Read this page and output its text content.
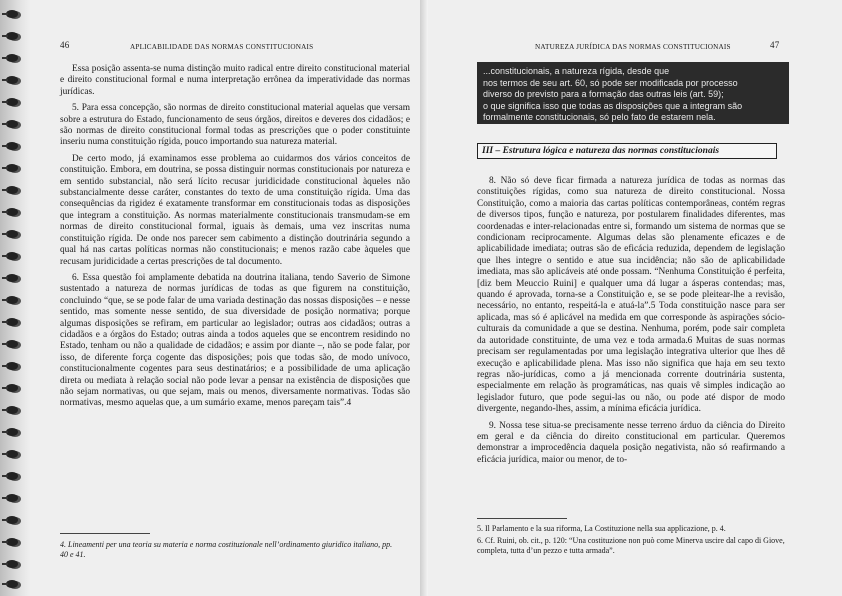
46	APLICABILIDADE DAS NORMAS CONSTITUCIONAIS

Essa posição assenta-se numa distinção muito radical entre direito constitucional material e direito constitucional formal e numa interpretação errônea da imperatividade das normas jurídicas.

5. Para essa concepção, são normas de direito constitucional material aquelas que versam sobre a estrutura do Estado, funcionamento de seus órgãos, direitos e deveres dos cidadãos; e são normas de direito constitucional formal todas as prescrições que o poder constituinte inseriu numa constituição rígida, pouco importando sua natureza material.

De certo modo, já examinamos esse problema ao cuidarmos dos vários conceitos de constituição. Embora, em doutrina, se possa distinguir normas constitucionais por natureza e em sentido substancial, não será lícito recusar juridicidade constitucional àqueles não substancialmente desse caráter, constantes do texto de uma constituição rígida. Uma das consequências da rigidez é exatamente transformar em constitucionais todas as disposições que integram a constituição. As normas materialmente constitucionais transmudam-se em normas de direito constitucional formal, iguais às demais, uma vez inscritas numa constituição rígida. De onde nos parecer sem cabimento a distinção doutrinária segundo a qual há nas cartas políticas normas não constitucionais; e menos razão cabe àqueles que recusam juridicidade a certas prescrições de tal documento.

6. Essa questão foi amplamente debatida na doutrina italiana, tendo Saverio de Simone sustentado a natureza de normas jurídicas de todas as que figurem na constituição, concluindo “que, se se pode falar de uma variada destinação das nossas disposições – e nesse sentido, mas somente nesse sentido, de sua diversidade de posição normativa; porque algumas disposições se refiram, em particular ao legislador; outras aos cidadãos; outras a cidadãos e a órgãos do Estado; outras ainda a todos aqueles que se encontrem residindo no Estado, tenham ou não a qualidade de cidadãos; e assim por diante –, não se pode falar, por isso, de diferente força cogente das disposições; pois que todas são, de modo unívoco, constitucionalmente cogentes para seus destinatários; e a possibilidade de uma aplicação direta ou mediata à relação social não pode levar a pensar na existência de disposições que não sejam normativas, ou que sejam, mais ou menos, diversamente normativas. Todas são normativas, mesmo aquelas que, a um sumário exame, menos pareçam tais”.4

4. Lineamenti per una teoria su materia e norma costituzionale nell’ordinamento giuridico italiano, pp. 40 e 41.
NATUREZA JURÍDICA DAS NORMAS CONSTITUCIONAIS	47
...constitucionais, a natureza rígida, desde que
nos termos de seu art. 60, só pode ser modificada por processo
diverso do previsto para a formação das outras leis (art. 59);
o que significa isso que todas as disposições que a integram são
formalmente constitucionais, só pelo fato de estarem nela.
III – Estrutura lógica e natureza das normas constitucionais

8. Não só deve ficar firmada a natureza jurídica de todas as normas das constituições rígidas, como sua natureza de direito constitucional. Nossa Constituição, como a maioria das cartas políticas contemporâneas, contém regras de diversos tipos, função e natureza, por postularem finalidades diferentes, mas coordenadas e inter-relacionadas entre si, formando um sistema de normas que se condicionam reciprocamente. Algumas delas são plenamente eficazes e de aplicabilidade imediata; outras são de eficácia reduzida, dependem de legislação que lhes integre o sentido e atue sua incidência; não são de aplicabilidade imediata, mas são aplicáveis até onde possam. “Nenhuma Constituição é perfeita, [diz bem Meuccio Ruini] e qualquer uma dá lugar a ásperas contendas; mas, quando é aprovada, torna-se a Constituição e, se se pode pleitear-lhe a revisão, necessário, no entanto, respeitá-la e atuá-la”.5 Toda constituição nasce para ser aplicada, mas só é aplicável na medida em que corresponde às aspirações sócio-culturais da comunidade a que se destina. Nenhuma, porém, pode sair completa da autoridade constituinte, de uma vez e toda armada.6 Muitas de suas normas precisam ser regulamentadas por uma legislação integrativa ulterior que lhes dê execução e aplicabilidade plena. Mas isso não significa que haja em seu texto regras não-jurídicas, como a já mencionada corrente doutrinária sustenta, especialmente em relação às programáticas, nas quais vê simples indicação ao legislador futuro, que pode segui-las ou não, ou pode até dispor de modo divergente, negando-lhes, assim, a mínima eficácia jurídica.

9. Nossa tese situa-se precisamente nesse terreno árduo da ciência do Direito em geral e da ciência do direito constitucional em particular. Queremos demonstrar a improcedência daquela posição negativista, não só reafirmando a eficácia jurídica, maior ou menor, de to-

5. Il Parlamento e la sua riforma, La Costituzione nella sua applicazione, p. 4.
6. Cf. Ruini, ob. cit., p. 120: “Una costituzione non può come Minerva uscire dal capo di Giove, completa, tutta d’un pezzo e tutta armada”.
